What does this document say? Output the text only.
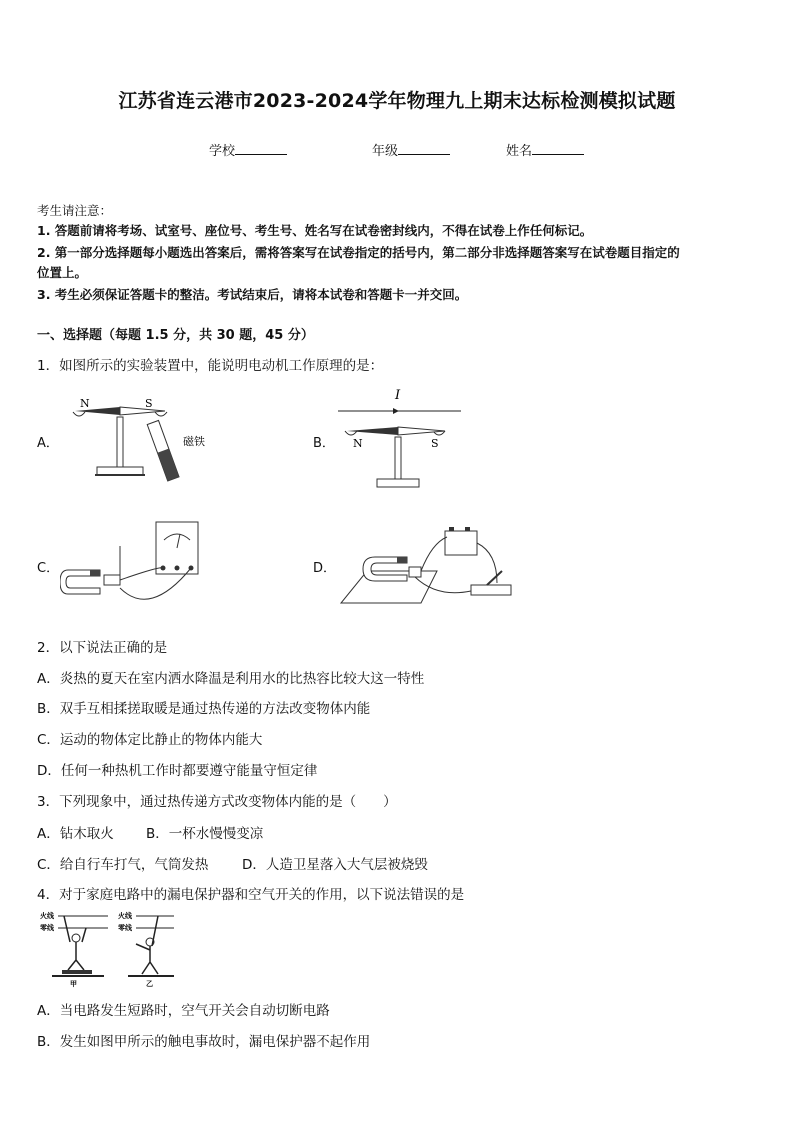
江苏省连云港市2023-2024学年物理九上期末达标检测模拟试题
学校	年级	姓名
考生请注意：
1. 答题前请将考场、试室号、座位号、考生号、姓名写在试卷密封线内，不得在试卷上作任何标记。
2. 第一部分选择题每小题选出答案后，需将答案写在试卷指定的括号内，第二部分非选择题答案写在试卷题目指定的
位置上。
3. 考生必须保证答题卡的整洁。考试结束后，请将本试卷和答题卡一并交回。
一、选择题（每题 1.5 分，共 30 题，45 分）
1．如图所示的实验装置中，能说明电动机工作原理的是：
A．
N	S
磁铁	B．
I
N	S
C．	D．
2．以下说法正确的是
A．炎热的夏天在室内洒水降温是利用水的比热容比较大这一特性
B．双手互相揉搓取暖是通过热传递的方法改变物体内能
C．运动的物体定比静止的物体内能大
D．任何一种热机工作时都要遵守能量守恒定律
3．下列现象中，通过热传递方式改变物体内能的是（　　）
A．钻木取火 B．一杯水慢慢变凉
C．给自行车打气，气筒发热 D．人造卫星落入大气层被烧毁
4．对于家庭电路中的漏电保护器和空气开关的作用，以下说法错误的是
火线
零线
甲
火线
零线
乙
A．当电路发生短路时，空气开关会自动切断电路
B．发生如图甲所示的触电事故时，漏电保护器不起作用
